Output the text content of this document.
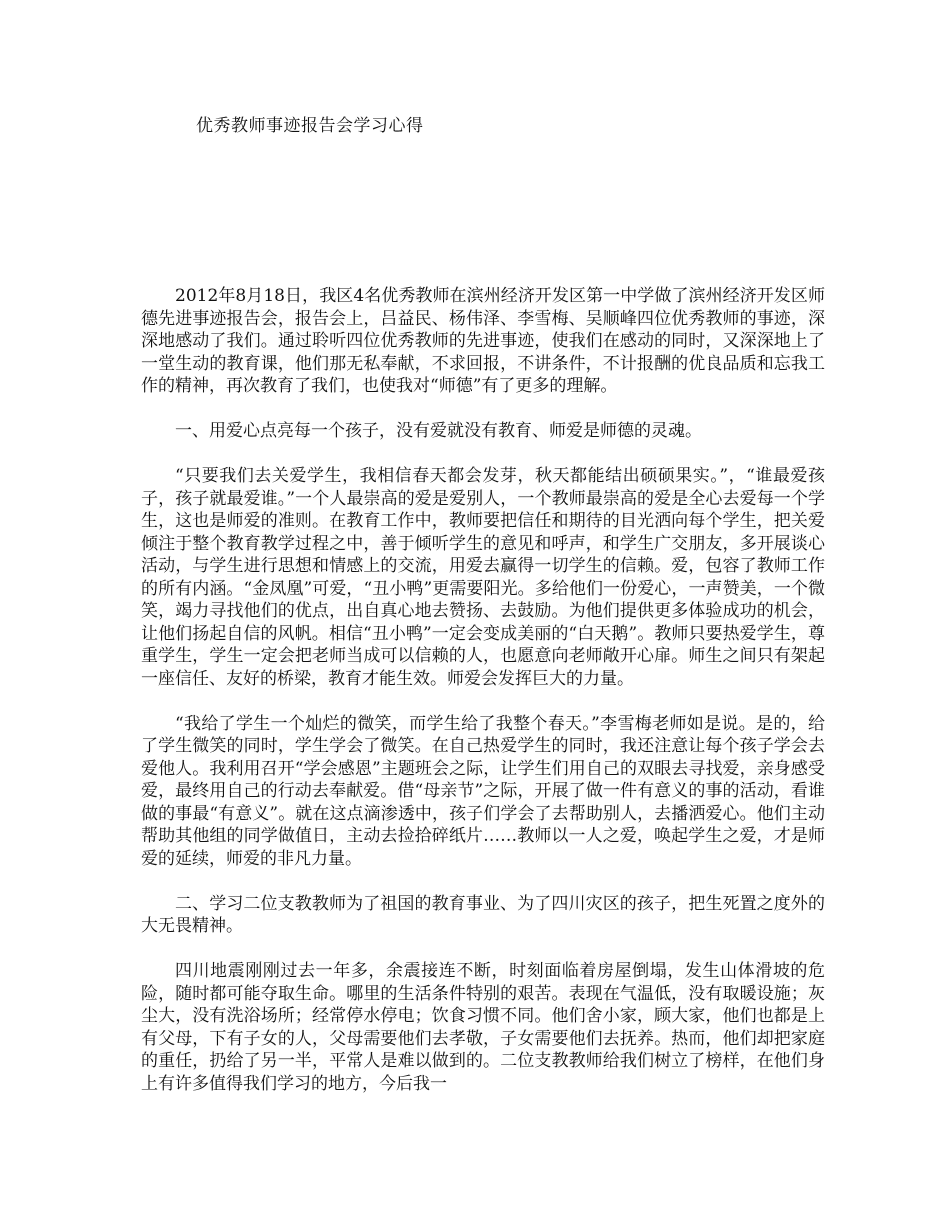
优秀教师事迹报告会学习心得

2012年8月18日，我区4名优秀教师在滨州经济开发区第一中学做了滨州经济开发区师德先进事迹报告会，报告会上，吕益民、杨伟泽、李雪梅、吴顺峰四位优秀教师的事迹，深深地感动了我们。通过聆听四位优秀教师的先进事迹，使我们在感动的同时，又深深地上了一堂生动的教育课，他们那无私奉献，不求回报，不讲条件，不计报酬的优良品质和忘我工作的精神，再次教育了我们，也使我对“师德”有了更多的理解。

一、用爱心点亮每一个孩子，没有爱就没有教育、师爱是师德的灵魂。

“只要我们去关爱学生，我相信春天都会发芽，秋天都能结出硕硕果实。”，“谁最爱孩子，孩子就最爱谁。”一个人最崇高的爱是爱别人，一个教师最崇高的爱是全心去爱每一个学生，这也是师爱的准则。在教育工作中，教师要把信任和期待的目光洒向每个学生，把关爱倾注于整个教育教学过程之中，善于倾听学生的意见和呼声，和学生广交朋友，多开展谈心活动，与学生进行思想和情感上的交流，用爱去赢得一切学生的信赖。爱，包容了教师工作的所有内涵。“金凤凰”可爱，“丑小鸭”更需要阳光。多给他们一份爱心，一声赞美，一个微笑，竭力寻找他们的优点，出自真心地去赞扬、去鼓励。为他们提供更多体验成功的机会，让他们扬起自信的风帆。相信“丑小鸭”一定会变成美丽的“白天鹅”。教师只要热爱学生，尊重学生，学生一定会把老师当成可以信赖的人，也愿意向老师敞开心扉。师生之间只有架起一座信任、友好的桥梁，教育才能生效。师爱会发挥巨大的力量。

“我给了学生一个灿烂的微笑，而学生给了我整个春天。”李雪梅老师如是说。是的，给了学生微笑的同时，学生学会了微笑。在自己热爱学生的同时，我还注意让每个孩子学会去爱他人。我利用召开“学会感恩”主题班会之际，让学生们用自己的双眼去寻找爱，亲身感受爱，最终用自己的行动去奉献爱。借“母亲节”之际，开展了做一件有意义的事的活动，看谁做的事最“有意义”。就在这点滴渗透中，孩子们学会了去帮助别人，去播洒爱心。他们主动帮助其他组的同学做值日，主动去捡拾碎纸片……教师以一人之爱，唤起学生之爱，才是师爱的延续，师爱的非凡力量。

二、学习二位支教教师为了祖国的教育事业、为了四川灾区的孩子，把生死置之度外的大无畏精神。

四川地震刚刚过去一年多，余震接连不断，时刻面临着房屋倒塌，发生山体滑坡的危险，随时都可能夺取生命。哪里的生活条件特别的艰苦。表现在气温低，没有取暖设施；灰尘大，没有洗浴场所；经常停水停电；饮食习惯不同。他们舍小家，顾大家，他们也都是上有父母，下有子女的人，父母需要他们去孝敬，子女需要他们去抚养。热而，他们却把家庭的重任，扔给了另一半，平常人是难以做到的。二位支教教师给我们树立了榜样，在他们身上有许多值得我们学习的地方，今后我一
